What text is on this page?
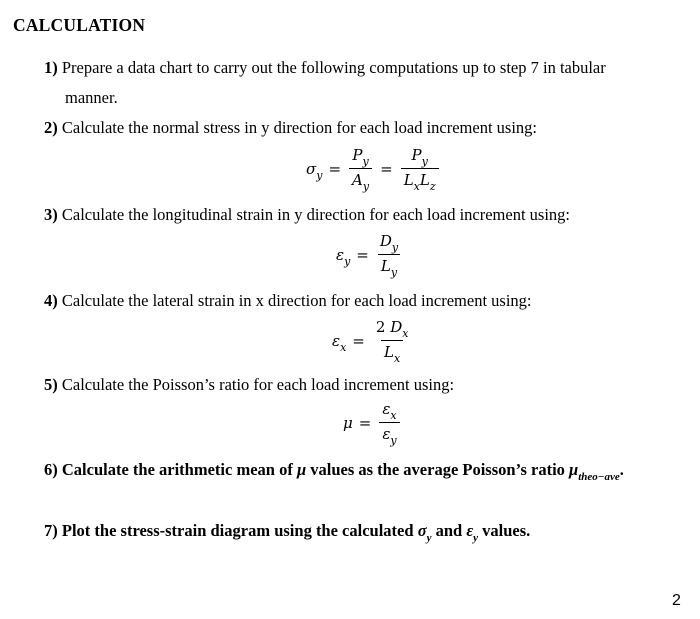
CALCULATION
1) Prepare a data chart to carry out the following computations up to step 7 in tabular
manner.
2) Calculate the normal stress in y direction for each load increment using:
σ $y = \frac{P_y}{A_y} = \frac{P_y}{L_xL_z}$
3) Calculate the longitudinal strain in y direction for each load increment using:
ε $y = \frac{D_y}{L_y}$
4) Calculate the lateral strain in x direction for each load increment using:
ε $x = \frac{2 D_x}{L_x}$
5) Calculate the Poisson’s ratio for each load increment using:
$\mu = \frac{\varepsilon_x}{\varepsilon_y}$
6) Calculate the arithmetic mean of μ values as the average Poisson’s ratio $\mu_{theo-ave}$.
7) Plot the stress-strain diagram using the calculated $\sigma_y$ and $\varepsilon_y$ values.
2
